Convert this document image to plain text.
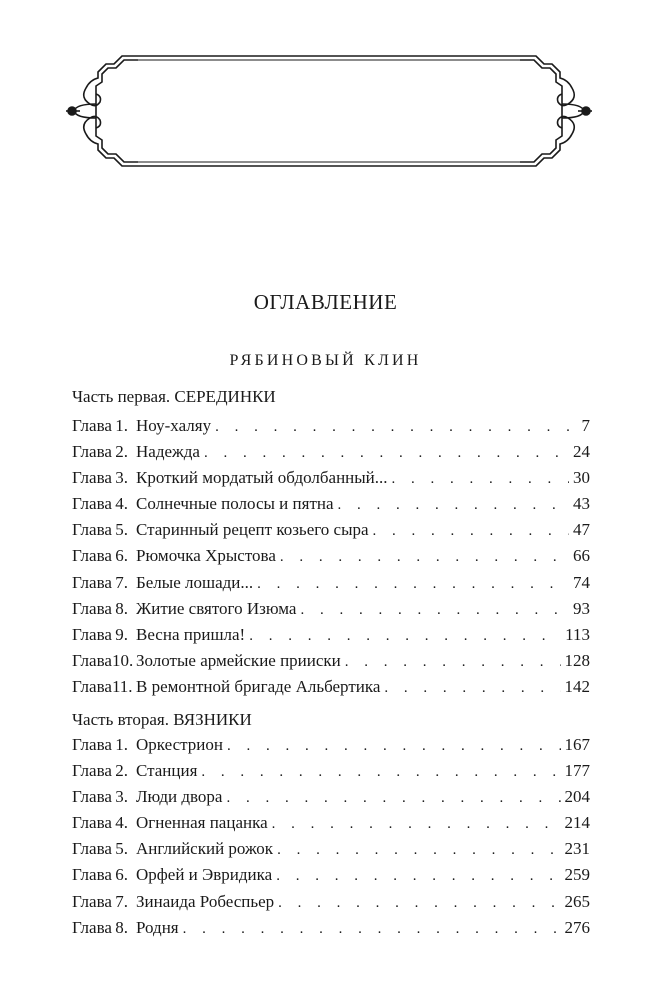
ОГЛАВЛЕНИЕ
РЯБИНОВЫЙ КЛИН
Часть первая. СЕРЕДИНКИ
Глава 1. Ноу-халяу . . .	7
Глава 2. Надежда . . .	24
Глава 3. Кроткий мордатый обдолбанный... . . .	30
Глава 4. Солнечные полосы и пятна . . .	43
Глава 5. Старинный рецепт козьего сыра . . .	47
Глава 6. Рюмочка Хрыстова . . .	66
Глава 7. Белые лошади... . . .	74
Глава 8. Житие святого Изюма . . .	93
Глава 9. Весна пришла! . . .	113
Глава 10. Золотые армейские прииски . . .	128
Глава 11. В ремонтной бригаде Альбертика . . .	142
Часть вторая. ВЯЗНИКИ
Глава 1. Оркестрион . . .	167
Глава 2. Станция . . .	177
Глава 3. Люди двора . . .	204
Глава 4. Огненная пацанка . . .	214
Глава 5. Английский рожок . . .	231
Глава 6. Орфей и Эвридика . . .	259
Глава 7. Зинаида Робеспьер . . .	265
Глава 8. Родня . . .	276
